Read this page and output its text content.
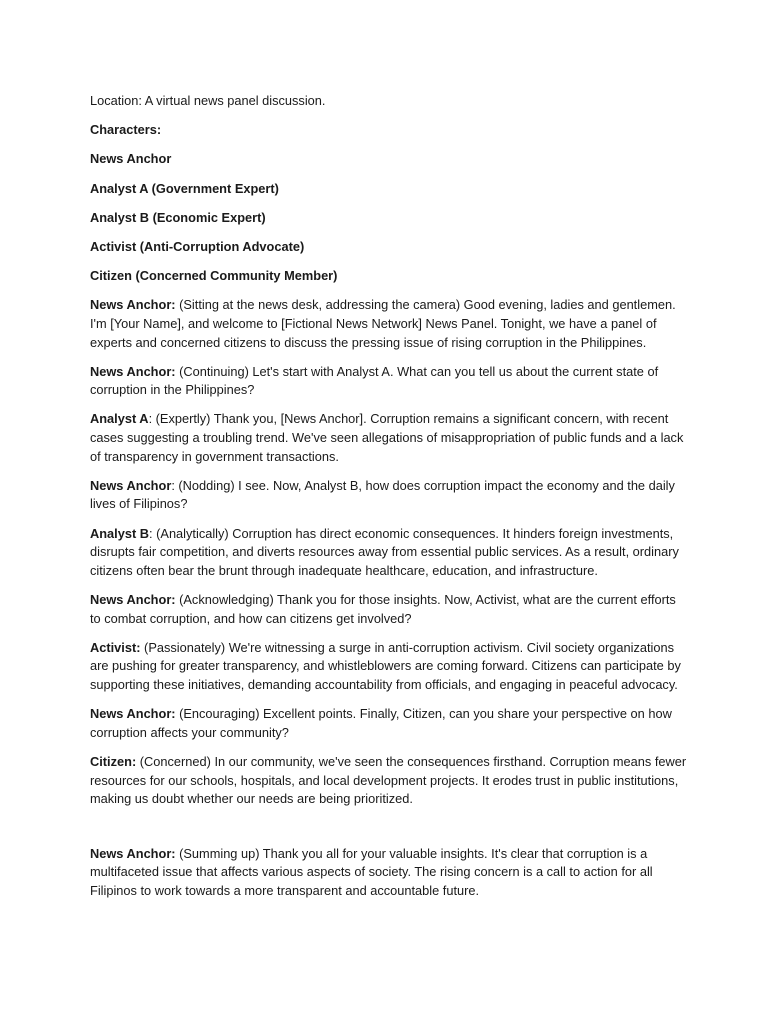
Location: A virtual news panel discussion.

Characters:

News Anchor

Analyst A (Government Expert)

Analyst B (Economic Expert)

Activist (Anti-Corruption Advocate)

Citizen (Concerned Community Member)

News Anchor: (Sitting at the news desk, addressing the camera) Good evening, ladies and gentlemen. I'm [Your Name], and welcome to [Fictional News Network] News Panel. Tonight, we have a panel of experts and concerned citizens to discuss the pressing issue of rising corruption in the Philippines.

News Anchor: (Continuing) Let's start with Analyst A. What can you tell us about the current state of corruption in the Philippines?

Analyst A: (Expertly) Thank you, [News Anchor]. Corruption remains a significant concern, with recent cases suggesting a troubling trend. We've seen allegations of misappropriation of public funds and a lack of transparency in government transactions.

News Anchor: (Nodding) I see. Now, Analyst B, how does corruption impact the economy and the daily lives of Filipinos?

Analyst B: (Analytically) Corruption has direct economic consequences. It hinders foreign investments, disrupts fair competition, and diverts resources away from essential public services. As a result, ordinary citizens often bear the brunt through inadequate healthcare, education, and infrastructure.

News Anchor: (Acknowledging) Thank you for those insights. Now, Activist, what are the current efforts to combat corruption, and how can citizens get involved?

Activist: (Passionately) We're witnessing a surge in anti-corruption activism. Civil society organizations are pushing for greater transparency, and whistleblowers are coming forward. Citizens can participate by supporting these initiatives, demanding accountability from officials, and engaging in peaceful advocacy.

News Anchor: (Encouraging) Excellent points. Finally, Citizen, can you share your perspective on how corruption affects your community?

Citizen: (Concerned) In our community, we've seen the consequences firsthand. Corruption means fewer resources for our schools, hospitals, and local development projects. It erodes trust in public institutions, making us doubt whether our needs are being prioritized.

News Anchor: (Summing up) Thank you all for your valuable insights. It's clear that corruption is a multifaceted issue that affects various aspects of society. The rising concern is a call to action for all Filipinos to work towards a more transparent and accountable future.
